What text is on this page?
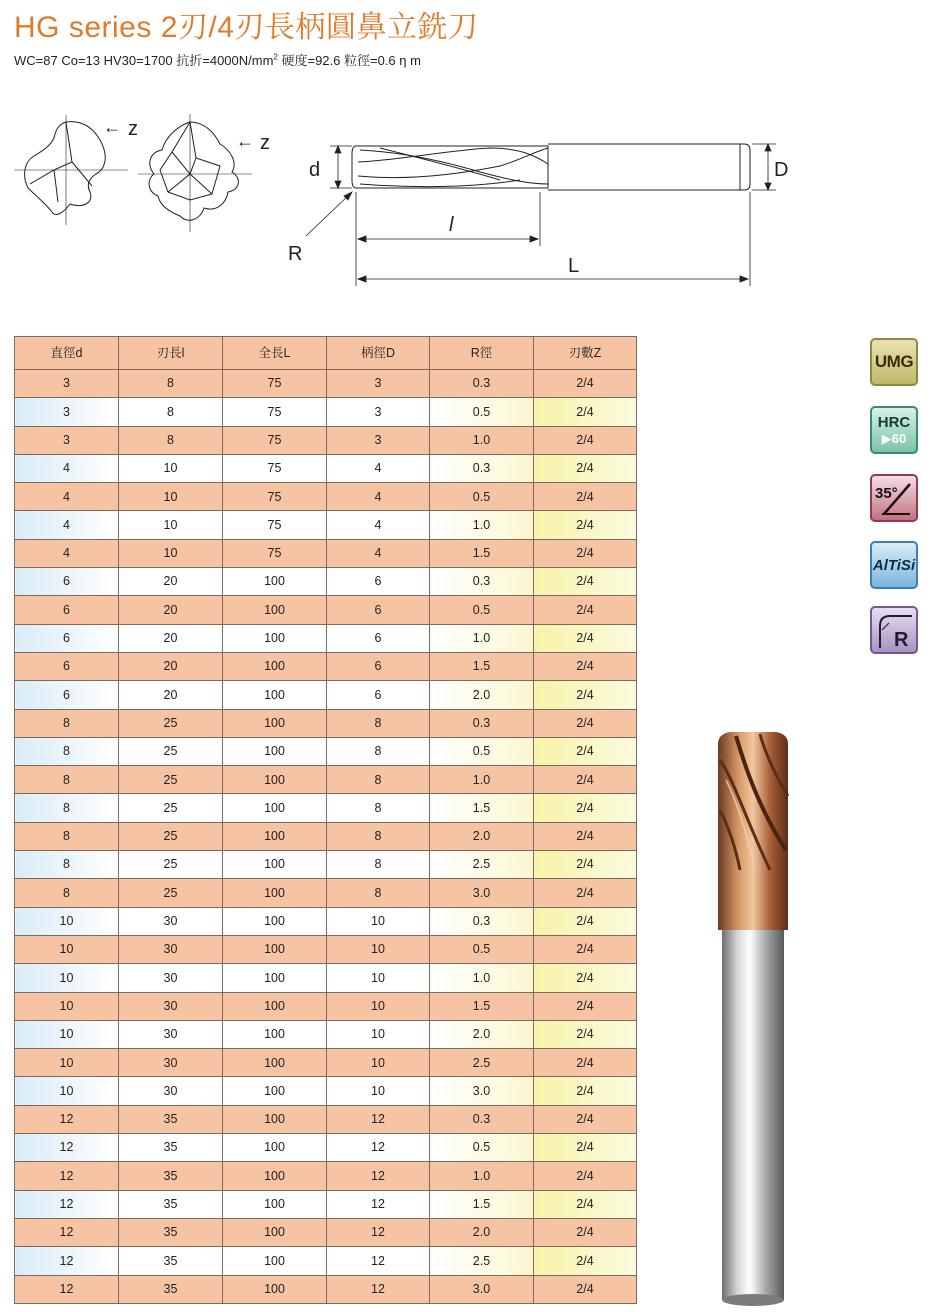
HG series 2刃/4刃長柄圓鼻立銑刀
WC=87 Co=13 HV30=1700 抗折$=4000N/mm^2$ 硬度=92.6 粒徑=0.6 η m
← z
← z
d	D
R
l
L
直徑d	刃長l	全長L	柄徑D	R徑	刃數Z
3	8	75	3	0.3	2/4
3	8	75	3	0.5	2/4
3	8	75	3	1.0	2/4
4	10	75	4	0.3	2/4
4	10	75	4	0.5	2/4
4	10	75	4	1.0	2/4
4	10	75	4	1.5	2/4
6	20	100	6	0.3	2/4
6	20	100	6	0.5	2/4
6	20	100	6	1.0	2/4
6	20	100	6	1.5	2/4
6	20	100	6	2.0	2/4
8	25	100	8	0.3	2/4
8	25	100	8	0.5	2/4
8	25	100	8	1.0	2/4
8	25	100	8	1.5	2/4
8	25	100	8	2.0	2/4
8	25	100	8	2.5	2/4
8	25	100	8	3.0	2/4
10	30	100	10	0.3	2/4
10	30	100	10	0.5	2/4
10	30	100	10	1.0	2/4
10	30	100	10	1.5	2/4
10	30	100	10	2.0	2/4
10	30	100	10	2.5	2/4
10	30	100	10	3.0	2/4
12	35	100	12	0.3	2/4
12	35	100	12	0.5	2/4
12	35	100	12	1.0	2/4
12	35	100	12	1.5	2/4
12	35	100	12	2.0	2/4
12	35	100	12	2.5	2/4
12	35	100	12	3.0	2/4
UMG
HRC
▶60
35°
AlTiSi
R
